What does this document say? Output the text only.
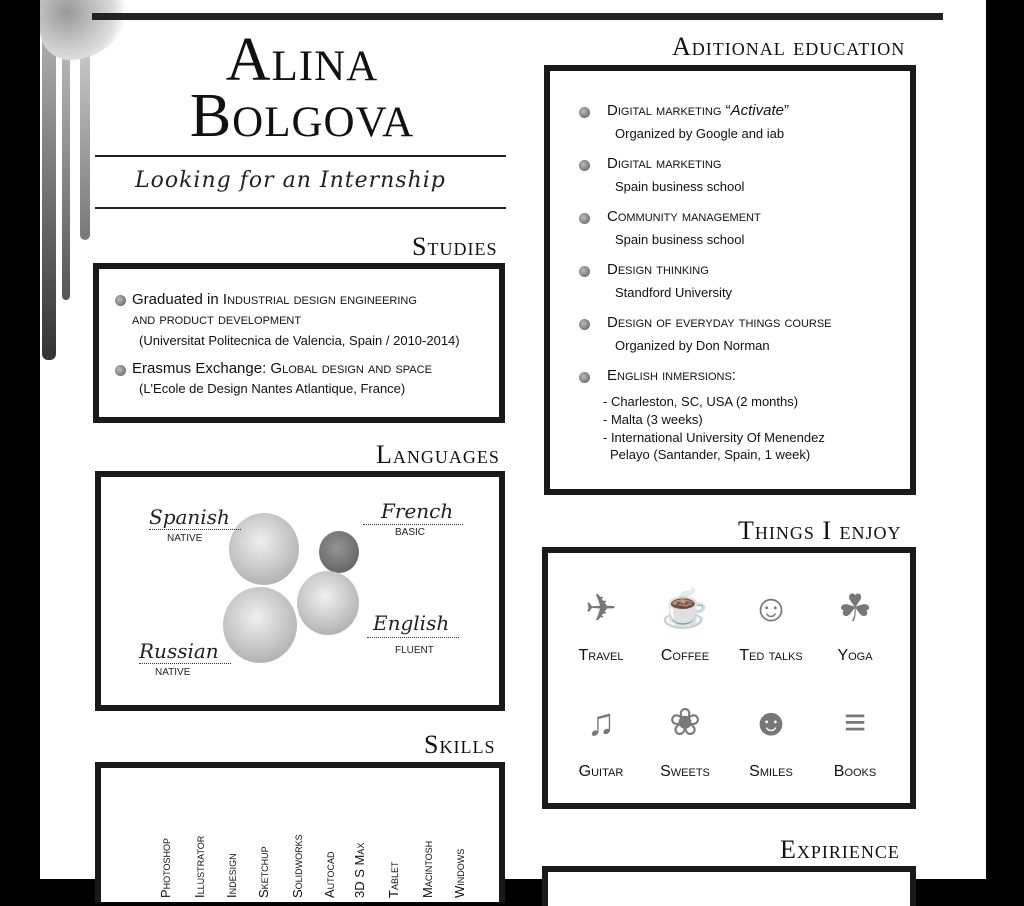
Alina
Bolgova
Looking for an Internship
Studies
Graduated in Industrial design engineering
and product development
(Universitat Politecnica de Valencia, Spain / 2010-2014)
Erasmus Exchange: Global design and space
(L'Ecole de Design Nantes Atlantique, France)
Languages
Spanish
NATIVE
French
BASIC
English
FLUENT
Russian
NATIVE
Skills
Photoshop Illustrator Indesign Sketchup Solidworks Autocad 3D S Max Tablet Macintosh Windows
Aditional education
Digital marketing “Activate”
Organized by Google and iab
Digital marketing
Spain business school
Community management
Spain business school
Design thinking
Standford University
Design of everyday things course
Organized by Don Norman
English inmersions:
- Charleston, SC, USA (2 months)
- Malta (3 weeks)
- International University Of Menendez
Pelayo (Santander, Spain, 1 week)
Things I enjoy
✈
Travel
☕
Coffee
☺
Ted talks
☘
Yoga
♫
Guitar
❀
Sweets
☻
Smiles
≡
Books
Expirience
